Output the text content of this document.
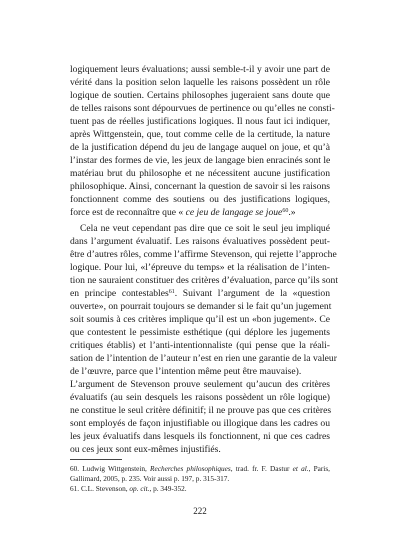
logiquement leurs évaluations; aussi semble-t-il y avoir une part de
vérité dans la position selon laquelle les raisons possèdent un rôle
logique de soutien. Certains philosophes jugeraient sans doute que
de telles raisons sont dépourvues de pertinence ou qu’elles ne consti-
tuent pas de réelles justifications logiques. Il nous faut ici indiquer,
après Wittgenstein, que, tout comme celle de la certitude, la nature
de la justification dépend du jeu de langage auquel on joue, et qu’à
l’instar des formes de vie, les jeux de langage bien enracinés sont le
matériau brut du philosophe et ne nécessitent aucune justification
philosophique. Ainsi, concernant la question de savoir si les raisons
fonctionnent comme des soutiens ou des justifications logiques,
force est de reconnaître que « ce jeu de langage se joue$^{60}$.»
Cela ne veut cependant pas dire que ce soit le seul jeu impliqué
dans l’argument évaluatif. Les raisons évaluatives possèdent peut-
être d’autres rôles, comme l’affirme Stevenson, qui rejette l’approche
logique. Pour lui, «l’épreuve du temps» et la réalisation de l’inten-
tion ne sauraient constituer des critères d’évaluation, parce qu’ils sont
en principe contestables$^{61}$. Suivant l’argument de la «question
ouverte», on pourrait toujours se demander si le fait qu’un jugement
soit soumis à ces critères implique qu’il est un «bon jugement». Ce
que contestent le pessimiste esthétique (qui déplore les jugements
critiques établis) et l’anti-intentionnaliste (qui pense que la réali-
sation de l’intention de l’auteur n’est en rien une garantie de la valeur
de l’œuvre, parce que l’intention même peut être mauvaise).
L’argument de Stevenson prouve seulement qu’aucun des critères
évaluatifs (au sein desquels les raisons possèdent un rôle logique)
ne constitue le seul critère définitif; il ne prouve pas que ces critères
sont employés de façon injustifiable ou illogique dans les cadres ou
les jeux évaluatifs dans lesquels ils fonctionnent, ni que ces cadres
ou ces jeux sont eux-mêmes injustifiés.
60. Ludwig Wittgenstein, Recherches philosophiques, trad. fr. F. Dastur et al., Paris,
Gallimard, 2005, p. 235. Voir aussi p. 197, p. 315-317.
61. C.L. Stevenson, op. cit., p. 349-352.
222
